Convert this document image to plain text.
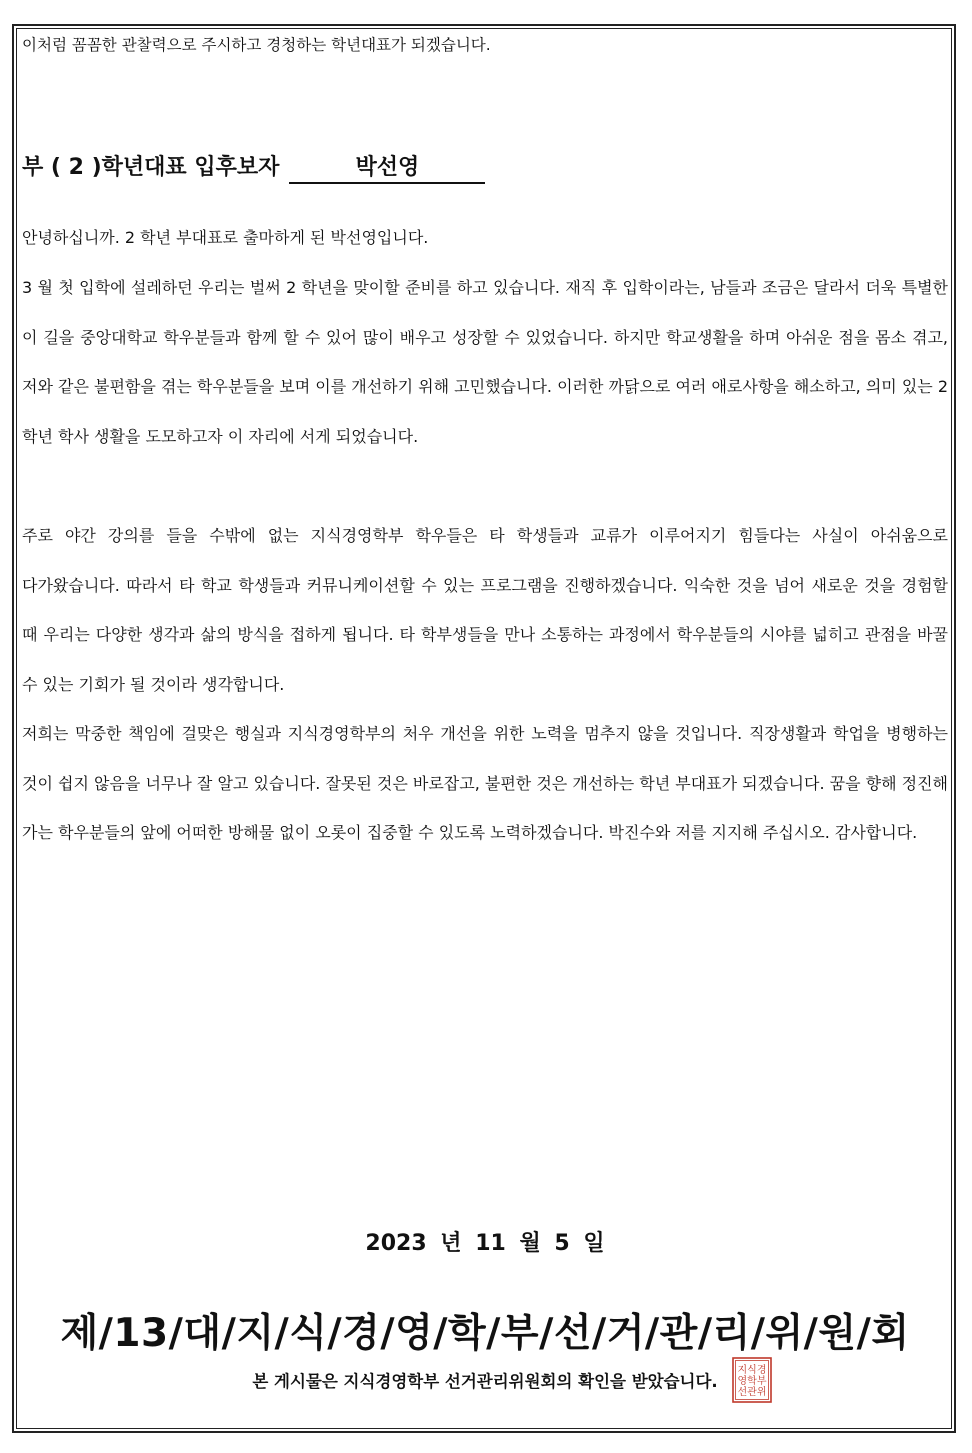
이처럼 꼼꼼한 관찰력으로 주시하고 경청하는 학년대표가 되겠습니다.
부 ( 2 )학년대표 입후보자	박선영
안녕하십니까. 2 학년 부대표로 출마하게 된 박선영입니다.
3 월 첫 입학에 설레하던 우리는 벌써 2 학년을 맞이할 준비를 하고 있습니다. 재직 후 입학이라는, 남들과 조금은 달라서 더욱 특별한 이 길을 중앙대학교 학우분들과 함께 할 수 있어 많이 배우고 성장할 수 있었습니다. 하지만 학교생활을 하며 아쉬운 점을 몸소 겪고, 저와 같은 불편함을 겪는 학우분들을 보며 이를 개선하기 위해 고민했습니다. 이러한 까닭으로 여러 애로사항을 해소하고, 의미 있는 2 학년 학사 생활을 도모하고자 이 자리에 서게 되었습니다.
주로 야간 강의를 들을 수밖에 없는 지식경영학부 학우들은 타 학생들과 교류가 이루어지기 힘들다는 사실이 아쉬움으로 다가왔습니다. 따라서 타 학교 학생들과 커뮤니케이션할 수 있는 프로그램을 진행하겠습니다. 익숙한 것을 넘어 새로운 것을 경험할 때 우리는 다양한 생각과 삶의 방식을 접하게 됩니다. 타 학부생들을 만나 소통하는 과정에서 학우분들의 시야를 넓히고 관점을 바꿀 수 있는 기회가 될 것이라 생각합니다.
저희는 막중한 책임에 걸맞은 행실과 지식경영학부의 처우 개선을 위한 노력을 멈추지 않을 것입니다. 직장생활과 학업을 병행하는 것이 쉽지 않음을 너무나 잘 알고 있습니다. 잘못된 것은 바로잡고, 불편한 것은 개선하는 학년 부대표가 되겠습니다. 꿈을 향해 정진해 가는 학우분들의 앞에 어떠한 방해물 없이 오롯이 집중할 수 있도록 노력하겠습니다. 박진수와 저를 지지해 주십시오. 감사합니다.
2023 년 11 월 5 일
제/13/대/지/식/경/영/학/부/선/거/관/리/위/원/회
본 게시물은 지식경영학부 선거관리위원회의 확인을 받았습니다.
지식경
영학부
선관위
